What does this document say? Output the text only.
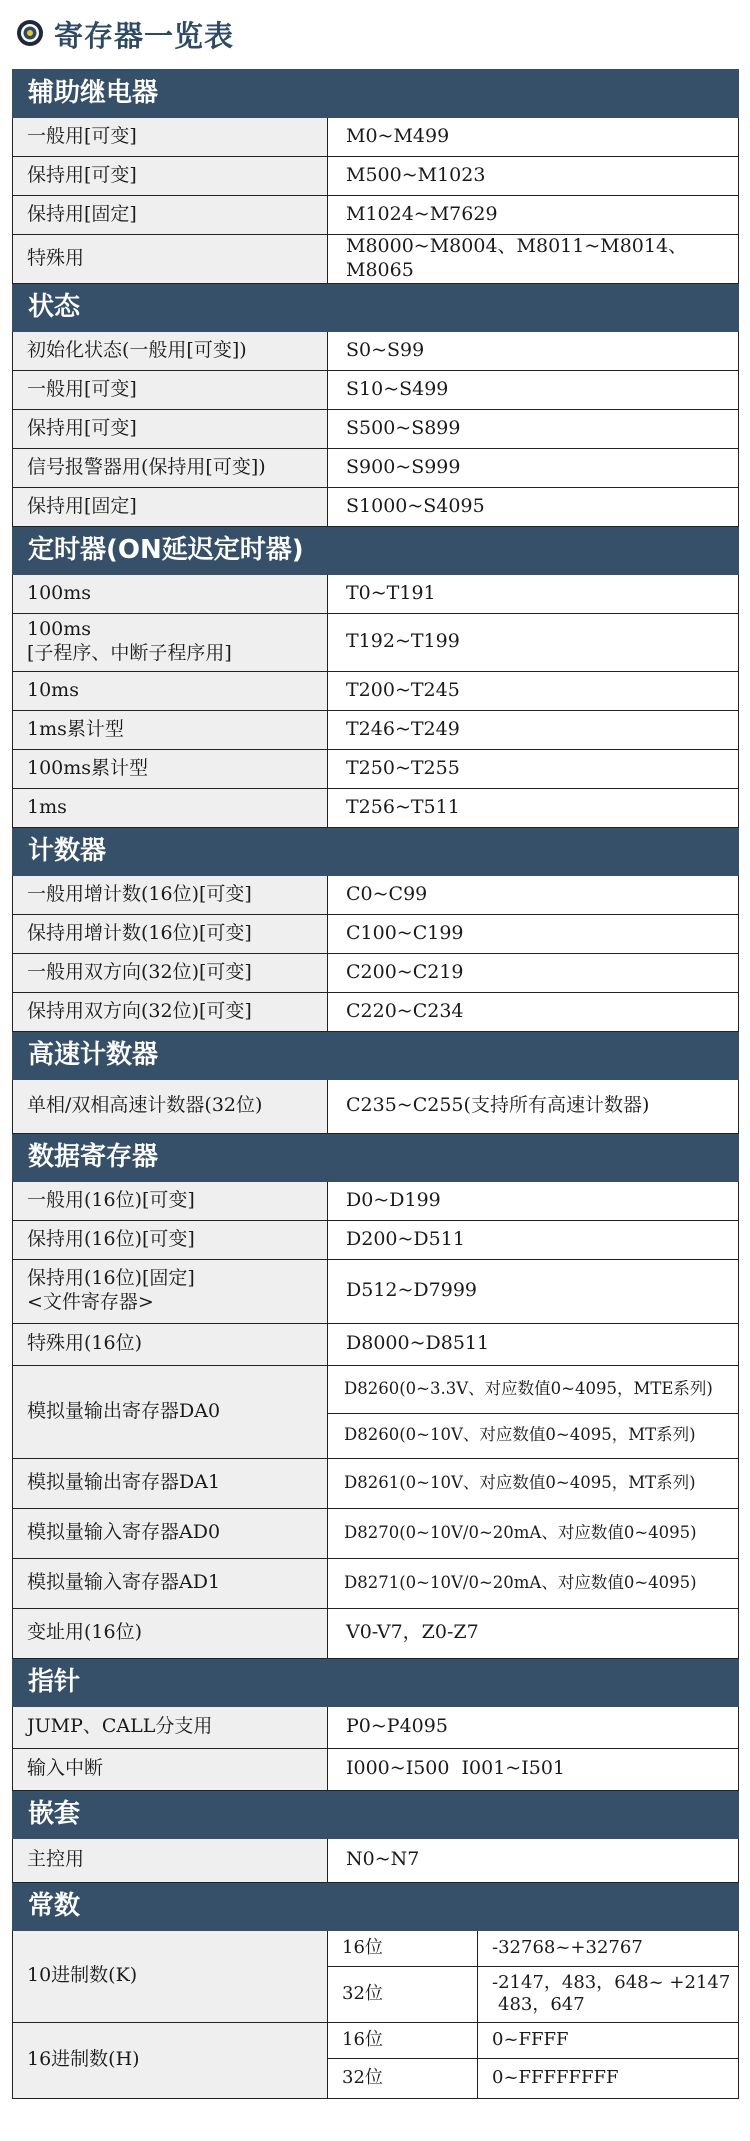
寄存器一览表
辅助继电器		
一般用[可变]	M0~M499	
保持用[可变]	M500~M1023	
保持用[固定]	M1024~M7629	
特殊用	M8000~M8004、M8011~M8014、M8065	
状态		
初始化状态(一般用[可变])	S0~S99	
一般用[可变]	S10~S499	
保持用[可变]	S500~S899	
信号报警器用(保持用[可变])	S900~S999	
保持用[固定]	S1000~S4095	
定时器(ON延迟定时器)		
100ms	T0~T191	

100ms
[子程序、中断子程序用]	T192~T199	
10ms	T200~T245	
1ms累计型	T246~T249	
100ms累计型	T250~T255	
1ms	T256~T511	
计数器		
一般用增计数(16位)[可变]	C0~C99	
保持用增计数(16位)[可变]	C100~C199	
一般用双方向(32位)[可变]	C200~C219	
保持用双方向(32位)[可变]	C220~C234	
高速计数器		
单相/双相高速计数器(32位)	C235~C255(支持所有高速计数器)	
数据寄存器		
一般用(16位)[可变]	D0~D199	
保持用(16位)[可变]	D200~D511	

保持用(16位)[固定]
<文件寄存器>	D512~D7999	
特殊用(16位)	D8000~D8511	
模拟量输出寄存器DA0	D8260(0~3.3V、对应数值0~4095，MTE系列)	
	D8260(0~10V、对应数值0~4095，MT系列)	
模拟量输出寄存器DA1	D8261(0~10V、对应数值0~4095，MT系列)	
模拟量输入寄存器AD0	D8270(0~10V/0~20mA、对应数值0~4095)	
模拟量输入寄存器AD1	D8271(0~10V/0~20mA、对应数值0~4095)	
变址用(16位)	V0-V7，Z0-Z7	
指针		
JUMP、CALL分支用	P0~P4095	
输入中断	I000~I500  I001~I501	
嵌套		
主控用	N0~N7	
常数		
10进制数(K)	16位	-32768~+32767
	32位	-2147，483，648~ +2147
483，647

16进制数(H)	16位	0~FFFF
	32位	0~FFFFFFFF
